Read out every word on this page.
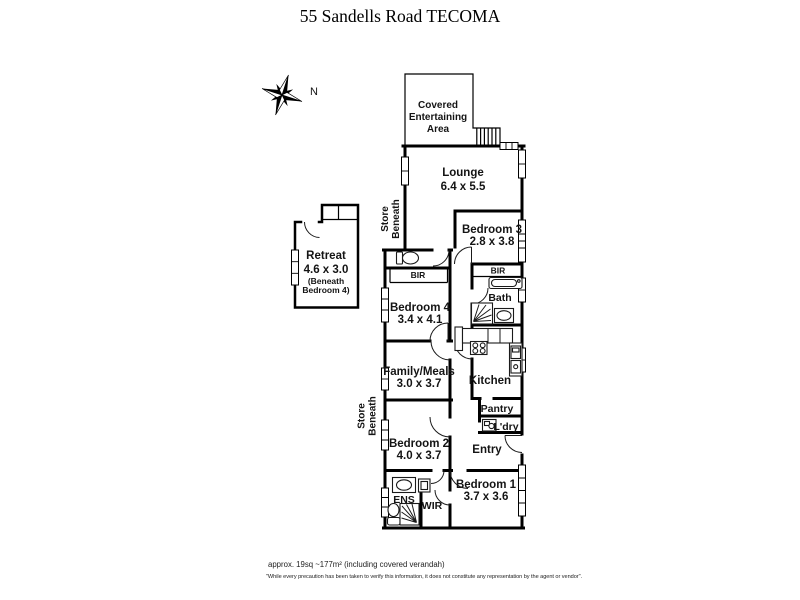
55 Sandells Road TECOMA
N
Covered
Entertaining
Area
Lounge
6.4 x 5.5
Bedroom 3
2.8 x 3.8
Retreat
4.6 x 3.0
(Beneath
Bedroom 4)
Store Beneath
Store Beneath
BIR	BIR
Bath
Bedroom 4
3.4 x 4.1
Family/Meals
3.0 x 3.7 Kitchen
Pantry
L'dry
Bedroom 2
4.0 x 3.7	Entry
Bedroom 1
3.7 x 3.6
ENS WIR
approx. 19sq ~177m² (including covered verandah)
"While every precaution has been taken to verify this information, it does not constitute any representation by the agent or vendor".
